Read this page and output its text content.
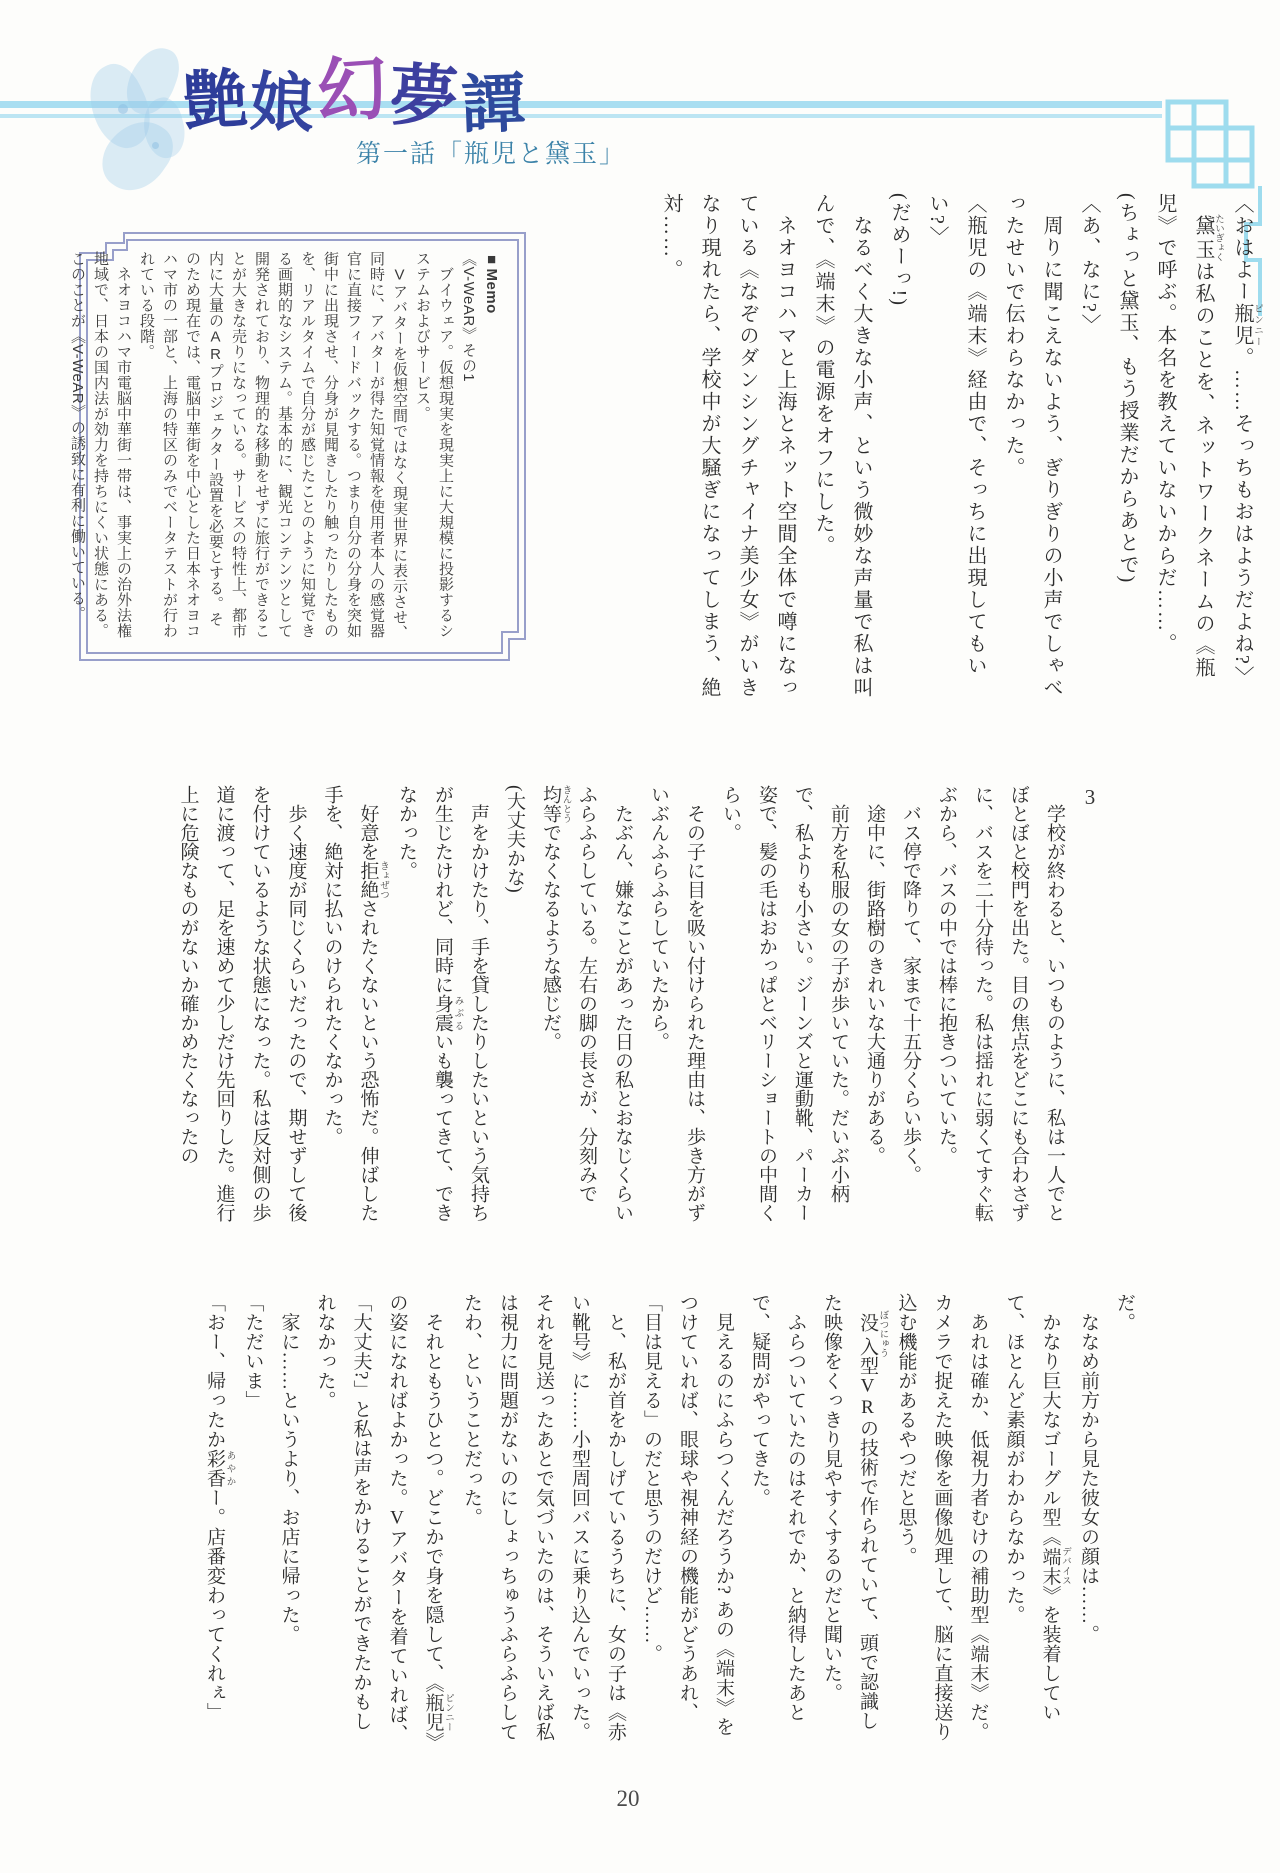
艶娘幻夢譚
第一話「瓶児と黛玉」

〈おはよー瓶児 ピンニー。……そっちもおはようだよね?〉

　黛玉 たいぎょくは私のことを、ネットワークネームの《瓶児》で呼ぶ。本名を教えていないからだ……。

(ちょっと黛玉、もう授業だからあとで)

〈あ、なに?〉

　周りに聞こえないよう、ぎりぎりの小声でしゃべったせいで伝わらなかった。

〈瓶児の《端末》経由で、そっちに出現してもいい?〉

(だめーっ!)

　なるべく大きな小声、という微妙な声量で私は叫んで、《端末》の電源をオフにした。

　ネオヨコハマと上海とネット空間全体で噂になっている《なぞのダンシングチャイナ美少女》がいきなり現れたら、学校中が大騒ぎになってしまう、絶対……。

3

　学校が終わると、いつものように、私は一人でとぼとぼと校門を出た。目の焦点をどこにも合わさずに、バスを二十分待った。私は揺れに弱くてすぐ転ぶから、バスの中では棒に抱きついていた。

　バス停で降りて、家まで十五分くらい歩く。

　途中に、街路樹のきれいな大通りがある。

　前方を私服の女の子が歩いていた。だいぶ小柄で、私よりも小さい。ジーンズと運動靴、パーカー姿で、髪の毛はおかっぱとベリーショートの中間くらい。

　その子に目を吸い付けられた理由は、歩き方がずいぶんふらふらしていたから。

　たぶん、嫌なことがあった日の私とおなじくらいふらふらしている。左右の脚の長さが、分刻みで均等 きんとうでなくなるような感じだ。

(大丈夫かな)

　声をかけたり、手を貸したりしたいという気持ちが生じたけれど、同時に身震 みぶるいも襲ってきて、できなかった。

　好意を拒絶 きょぜつされたくないという恐怖だ。伸ばした手を、絶対に払いのけられたくなかった。

　歩く速度が同じくらいだったので、期せずして後を付けているような状態になった。私は反対側の歩道に渡って、足を速めて少しだけ先回りした。進行上に危険なものがないか確かめたくなったの

だ。

　ななめ前方から見た彼女の顔は……。

　かなり巨大なゴーグル型《端末 デバイス》を装着していて、ほとんど素顔がわからなかった。

　あれは確か、低視力者むけの補助型《端末》だ。カメラで捉えた映像を画像処理して、脳に直接送り込む機能があるやつだと思う。

　没入 ぼつにゅう型VRの技術で作られていて、頭で認識した映像をくっきり見やすくするのだと聞いた。

　ふらついていたのはそれでか、と納得したあとで、疑問がやってきた。

　見えるのにふらつくんだろうか? あの《端末》をつけていれば、眼球や視神経の機能がどうあれ、「目は見える」のだと思うのだけど……。

　と、私が首をかしげているうちに、女の子は《赤い靴号》に……小型周回バスに乗り込んでいった。それを見送ったあとで気づいたのは、そういえば私は視力に問題がないのにしょっちゅうふらふらしてたわ、ということだった。

　それともうひとつ。どこかで身を隠して、《瓶児 ピンニー》の姿になればよかった。Vアバターを着ていれば、「大丈夫?」と私は声をかけることができたかもしれなかった。

　家に……というより、お店に帰った。

「ただいま」

「おー、帰ったか彩香 あやかー。店番変わってくれぇ」

■Memo

《V-WeAR》その1

　ブイウェア。仮想現実を現実上に大規模に投影するシステムおよびサービス。

　Vアバターを仮想空間ではなく現実世界に表示させ、同時に、アバターが得た知覚情報を使用者本人の感覚器官に直接フィードバックする。つまり自分の分身を突如街中に出現させ、分身が見聞きしたり触ったりしたものを、リアルタイムで自分が感じたことのように知覚できる画期的なシステム。基本的に、観光コンテンツとして開発されており、物理的な移動をせずに旅行ができることが大きな売りになっている。サービスの特性上、都市内に大量のARプロジェクター設置を必要とする。そのため現在では、電脳中華街を中心とした日本ネオヨコハマ市の一部と、上海の特区のみでベータテストが行われている段階。

　ネオヨコハマ市電脳中華街一帯は、事実上の治外法権地域で、日本の国内法が効力を持ちにくい状態にある。このことが《V-WeAR》の誘致に有利に働いている。

20
